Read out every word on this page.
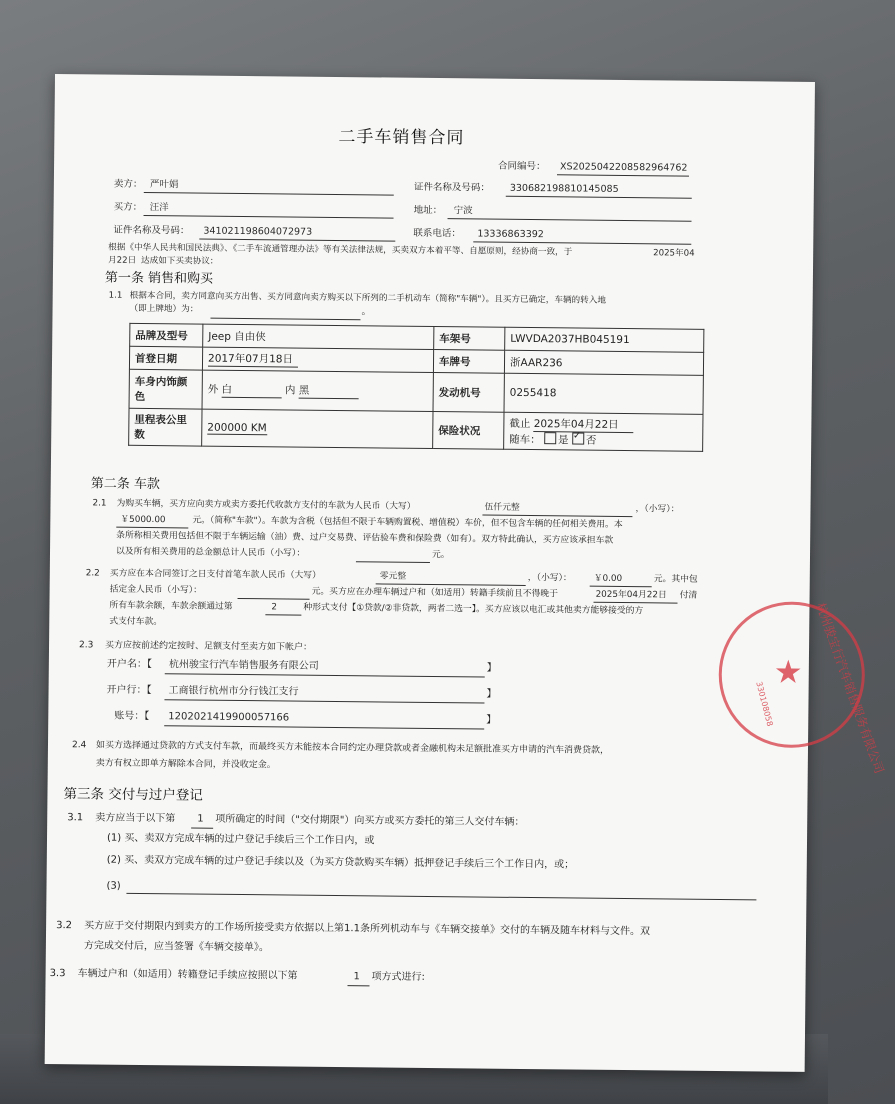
二手车销售合同
合同编号： XS2025042208582964762
卖方： 严叶娟	证件名称及号码： 330682198810145085
买方： 汪洋	地址： 宁波
证件名称及号码： 341021198604072973	联系电话： 13336863392
根据《中华人民共和国民法典》、《二手车流通管理办法》等有关法律法规，买卖双方本着平等、自愿原则，经协商一致，于	2025年04
月22日 达成如下买卖协议：
第一条 销售和购买
1.1 根据本合同，卖方同意向买方出售、买方同意向卖方购买以下所列的二手机动车（简称"车辆"）。且买方已确定，车辆的转入地
（即上牌地）为：	。
品牌及型号	Jeep 自由侠	车架号	LWVDA2037HB045191
首登日期	2017年07月18日	车牌号	浙AAR236
车身内饰颜色	外 白 内 黑	发动机号	0255418
里程表公里数	200000 KM	保险状况	截止 2025年04月22日
随车： 是 ✓ 否
第二条 车款
2.1 为购买车辆，买方应向卖方或卖方委托代收款方支付的车款为人民币（大写）	伍仟元整	，（小写）：
￥5000.00	元。（简称"车款"）。车款为含税（包括但不限于车辆购置税、增值税）车价，但不包含车辆的任何相关费用。本
条所称相关费用包括但不限于车辆运输（油）费、过户交易费、评估验车费和保险费（如有）。双方特此确认，买方应该承担车款
以及所有相关费用的总金额总计人民币（小写）：	元。
2.2 买方应在本合同签订之日支付首笔车款人民币（大写）	零元整	，（小写）： ￥0.00	元。其中包
括定金人民币（小写）：	元。买方应在办理车辆过户和（如适用）转籍手续前且不得晚于	2025年04月22日 付清
所有车款余额，车款余额通过第	2	种形式支付【①贷款/②非贷款，两者二选一】。买方应该以电汇或其他卖方能够接受的方
式支付车款。
2.3 买方应按前述约定按时、足额支付至卖方如下帐户：
开户名：【 杭州骏宝行汽车销售服务有限公司	】
开户行：【 工商银行杭州市分行钱江支行	】
账号：【 1202021419900057166	】
2.4 如买方选择通过贷款的方式支付车款，而最终买方未能按本合同约定办理贷款或者金融机构未足额批准买方申请的汽车消费贷款，
卖方有权立即单方解除本合同，并没收定金。
第三条 交付与过户登记
3.1 卖方应当于以下第 1 项所确定的时间（"交付期限"）向买方或买方委托的第三人交付车辆：
(1) 买、卖双方完成车辆的过户登记手续后三个工作日内，或
(2) 买、卖双方完成车辆的过户登记手续以及（为买方贷款购买车辆）抵押登记手续后三个工作日内，或；
(3)
3.2 买方应于交付期限内到卖方的工作场所接受卖方依据以上第1.1条所列机动车与《车辆交接单》交付的车辆及随车材料与文件。双
方完成交付后，应当签署《车辆交接单》。
3.3 车辆过户和（如适用）转籍登记手续应按照以下第	1 项方式进行:
★ 杭州骏宝行汽车销售服务有限公司
330108058
